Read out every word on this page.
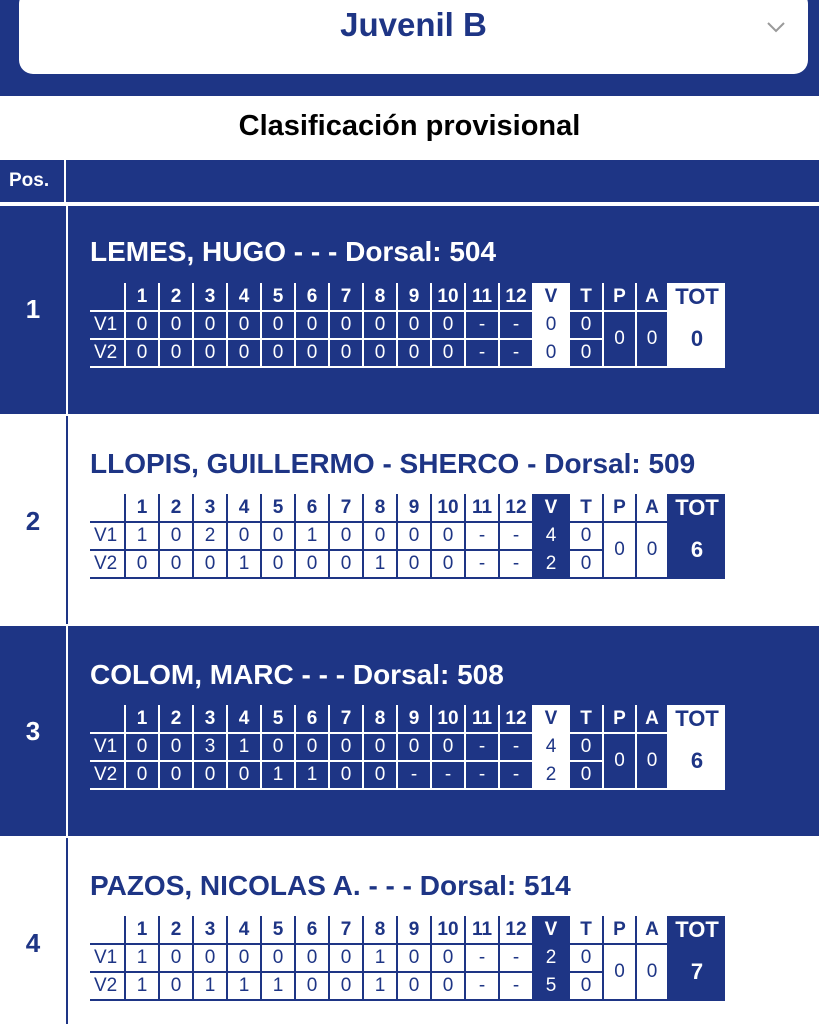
Juvenil B
Clasificación provisional
Pos.
1
LEMES, HUGO - - - Dorsal: 504
	1	2	3	4	5	6	7	8	9	10	11	12	V	T	P	A	TOT
V1	0	0	0	0	0	0	0	0	0	0	-	-	0	0	0	0	0
V2	0	0	0	0	0	0	0	0	0	0	-	-	0	0			
2
LLOPIS, GUILLERMO - SHERCO - Dorsal: 509
	1	2	3	4	5	6	7	8	9	10	11	12	V	T	P	A	TOT
V1	1	0	2	0	0	1	0	0	0	0	-	-	4	0	0	0	6
V2	0	0	0	1	0	0	0	1	0	0	-	-	2	0			
3
COLOM, MARC - - - Dorsal: 508
	1	2	3	4	5	6	7	8	9	10	11	12	V	T	P	A	TOT
V1	0	0	3	1	0	0	0	0	0	0	-	-	4	0	0	0	6
V2	0	0	0	0	1	1	0	0	-	-	-	-	2	0			
4
PAZOS, NICOLAS A. - - - Dorsal: 514
	1	2	3	4	5	6	7	8	9	10	11	12	V	T	P	A	TOT
V1	1	0	0	0	0	0	0	1	0	0	-	-	2	0	0	0	7
V2	1	0	1	1	1	0	0	1	0	0	-	-	5	0			
